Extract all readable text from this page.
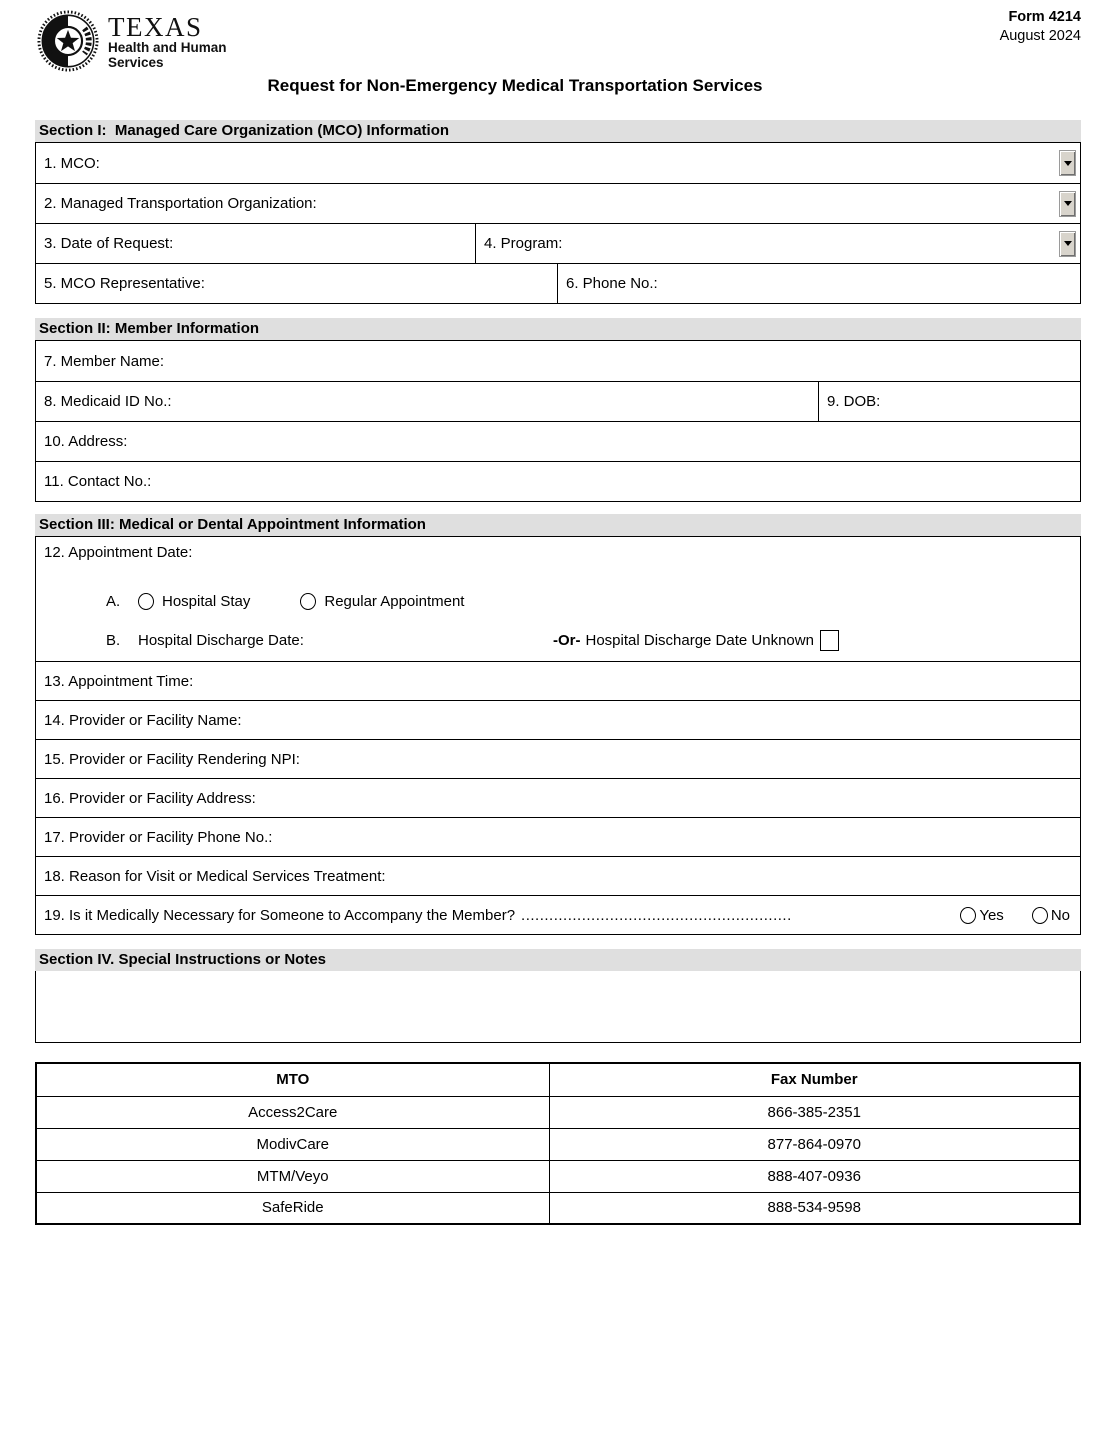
TEXAS
Health and Human
Services
Request for Non-Emergency Medical Transportation Services
Form 4214
August 2024
Section I:  Managed Care Organization (MCO) Information
1. MCO:
2. Managed Transportation Organization:
3. Date of Request:	4. Program:
5. MCO Representative:	6. Phone No.:
Section II: Member Information
7. Member Name:
8. Medicaid ID No.:	9. DOB:
10. Address:
11. Contact No.:
Section III: Medical or Dental Appointment Information
12. Appointment Date:
A.	Hospital Stay	Regular Appointment
B.	Hospital Discharge Date:	-Or- Hospital Discharge Date Unknown
13. Appointment Time:
14. Provider or Facility Name:
15. Provider or Facility Rendering NPI:
16. Provider or Facility Address:
17. Provider or Facility Phone No.:
18. Reason for Visit or Medical Services Treatment:
19. Is it Medically Necessary for Someone to Accompany the Member? ..........................................................	Yes	No
Section IV. Special Instructions or Notes
MTO	Fax Number
Access2Care	866-385-2351
ModivCare	877-864-0970
MTM/Veyo	888-407-0936
SafeRide	888-534-9598
